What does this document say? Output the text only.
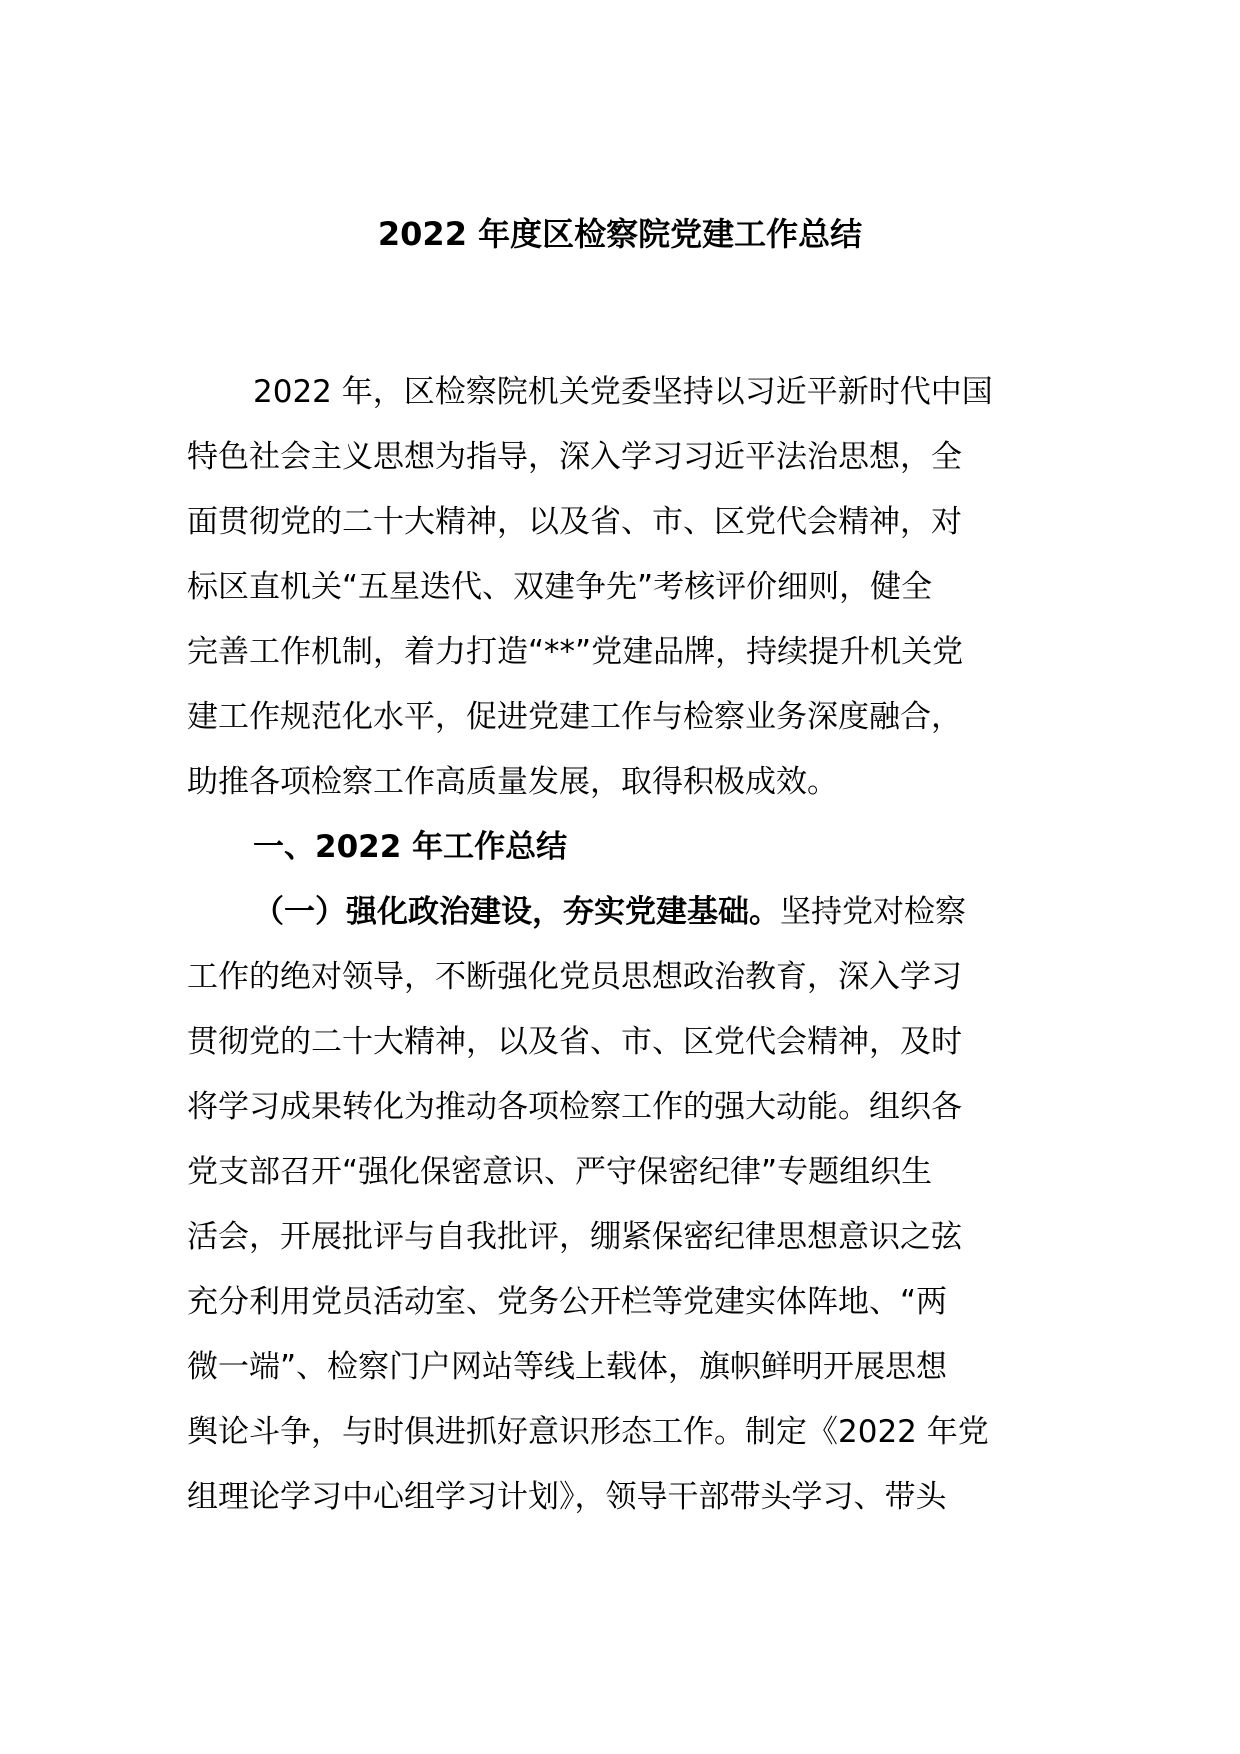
2022 年度区检察院党建工作总结
2022 年，区检察院机关党委坚持以习近平新时代中国
特色社会主义思想为指导，深入学习习近平法治思想，全
面贯彻党的二十大精神，以及省、市、区党代会精神，对
标区直机关“五星迭代、双建争先”考核评价细则，健全
完善工作机制，着力打造“**”党建品牌，持续提升机关党
建工作规范化水平，促进党建工作与检察业务深度融合，
助推各项检察工作高质量发展，取得积极成效。
一、2022 年工作总结
（一）强化政治建设，夯实党建基础。坚持党对检察
工作的绝对领导，不断强化党员思想政治教育，深入学习
贯彻党的二十大精神，以及省、市、区党代会精神，及时
将学习成果转化为推动各项检察工作的强大动能。组织各
党支部召开“强化保密意识、严守保密纪律”专题组织生
活会，开展批评与自我批评，绷紧保密纪律思想意识之弦
充分利用党员活动室、党务公开栏等党建实体阵地、“两
微一端”、检察门户网站等线上载体，旗帜鲜明开展思想
舆论斗争，与时俱进抓好意识形态工作。制定《2022 年党
组理论学习中心组学习计划》，领导干部带头学习、带头
